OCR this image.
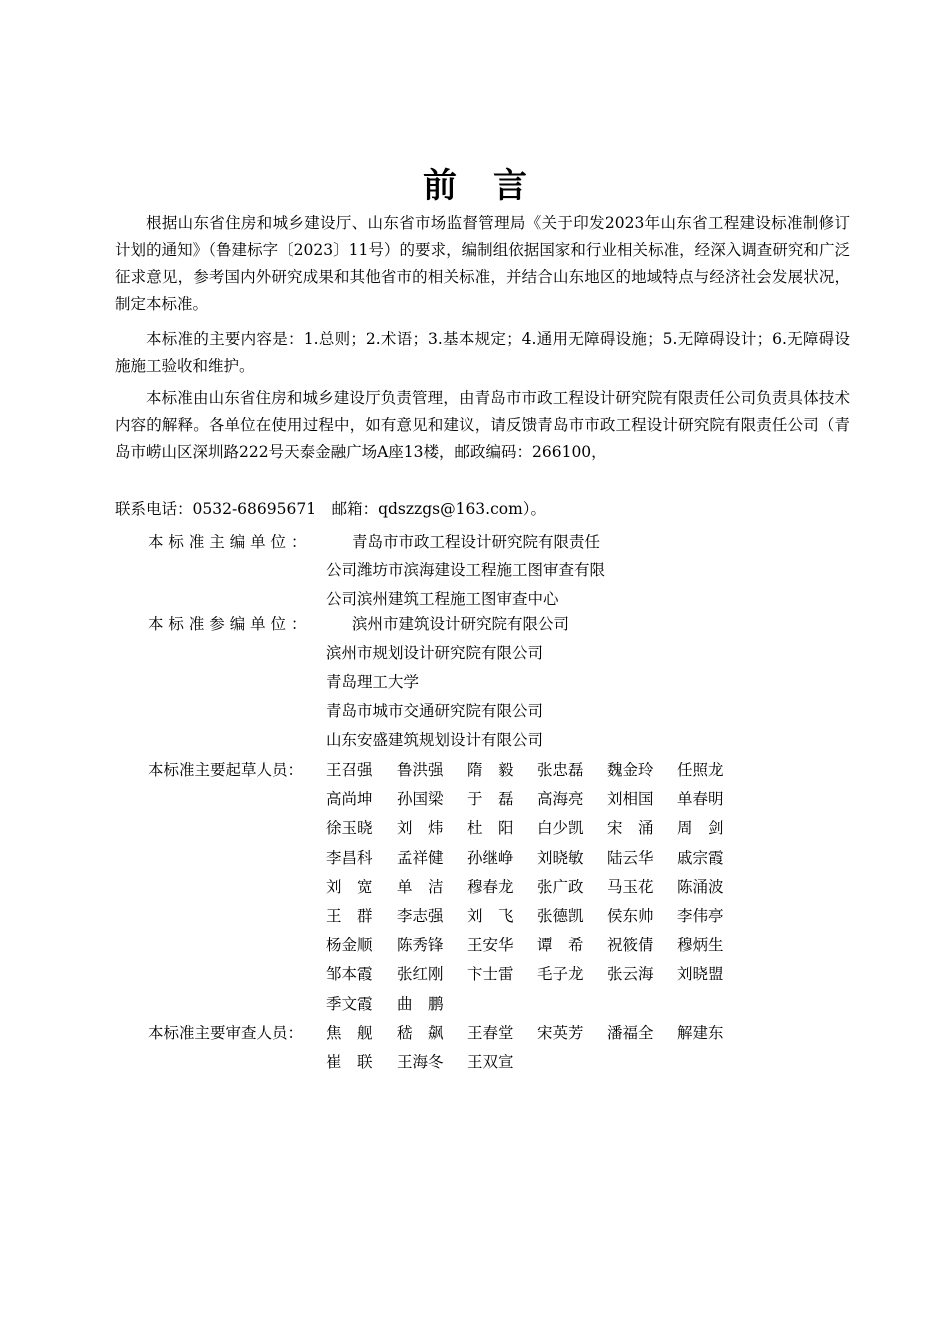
前言
根据山东省住房和城乡建设厅、山东省市场监督管理局《关于印发2023年山东省工程建设标准制修订计划的通知》（鲁建标字〔2023〕11号）的要求，编制组依据国家和行业相关标准，经深入调查研究和广泛征求意见，参考国内外研究成果和其他省市的相关标准，并结合山东地区的地域特点与经济社会发展状况，制定本标准。
本标准的主要内容是：1.总则；2.术语；3.基本规定；4.通用无障碍设施；5.无障碍设计；6.无障碍设施施工验收和维护。
本标准由山东省住房和城乡建设厅负责管理，由青岛市市政工程设计研究院有限责任公司负责具体技术内容的解释。各单位在使用过程中，如有意见和建议，请反馈青岛市市政工程设计研究院有限责任公司（青岛市崂山区深圳路222号天泰金融广场A座13楼，邮政编码：266100，
联系电话：0532-68695671　邮箱：qdszzgs@163.com）。
本 标 准 主 编 单 位 ：	青岛市市政工程设计研究院有限责任
公司潍坊市滨海建设工程施工图审查有限
公司滨州建筑工程施工图审查中心
本 标 准 参 编 单 位 ：	滨州市建筑设计研究院有限公司
滨州市规划设计研究院有限公司
青岛理工大学
青岛市城市交通研究院有限公司
山东安盛建筑规划设计有限公司
本标准主要起草人员： 王召强 鲁洪强 隋　毅 张忠磊 魏金玲 任照龙
高尚坤 孙国梁 于　磊 高海亮 刘相国 单春明
徐玉晓 刘　炜 杜　阳 白少凯 宋　涌 周　剑
李昌科 孟祥健 孙继峥 刘晓敏 陆云华 戚宗霞
刘　宽 单　洁 穆春龙 张广政 马玉花 陈涌波
王　群 李志强 刘　飞 张德凯 侯东帅 李伟亭
杨金顺 陈秀锋 王安华 谭　希 祝筱倩 穆炳生
邹本霞 张红刚 卞士雷 毛子龙 张云海 刘晓盟
季文霞 曲　鹏
本标准主要审查人员： 焦　舰 嵇　飙 王春堂 宋英芳 潘福全 解建东
崔　联 王海冬 王双宣
